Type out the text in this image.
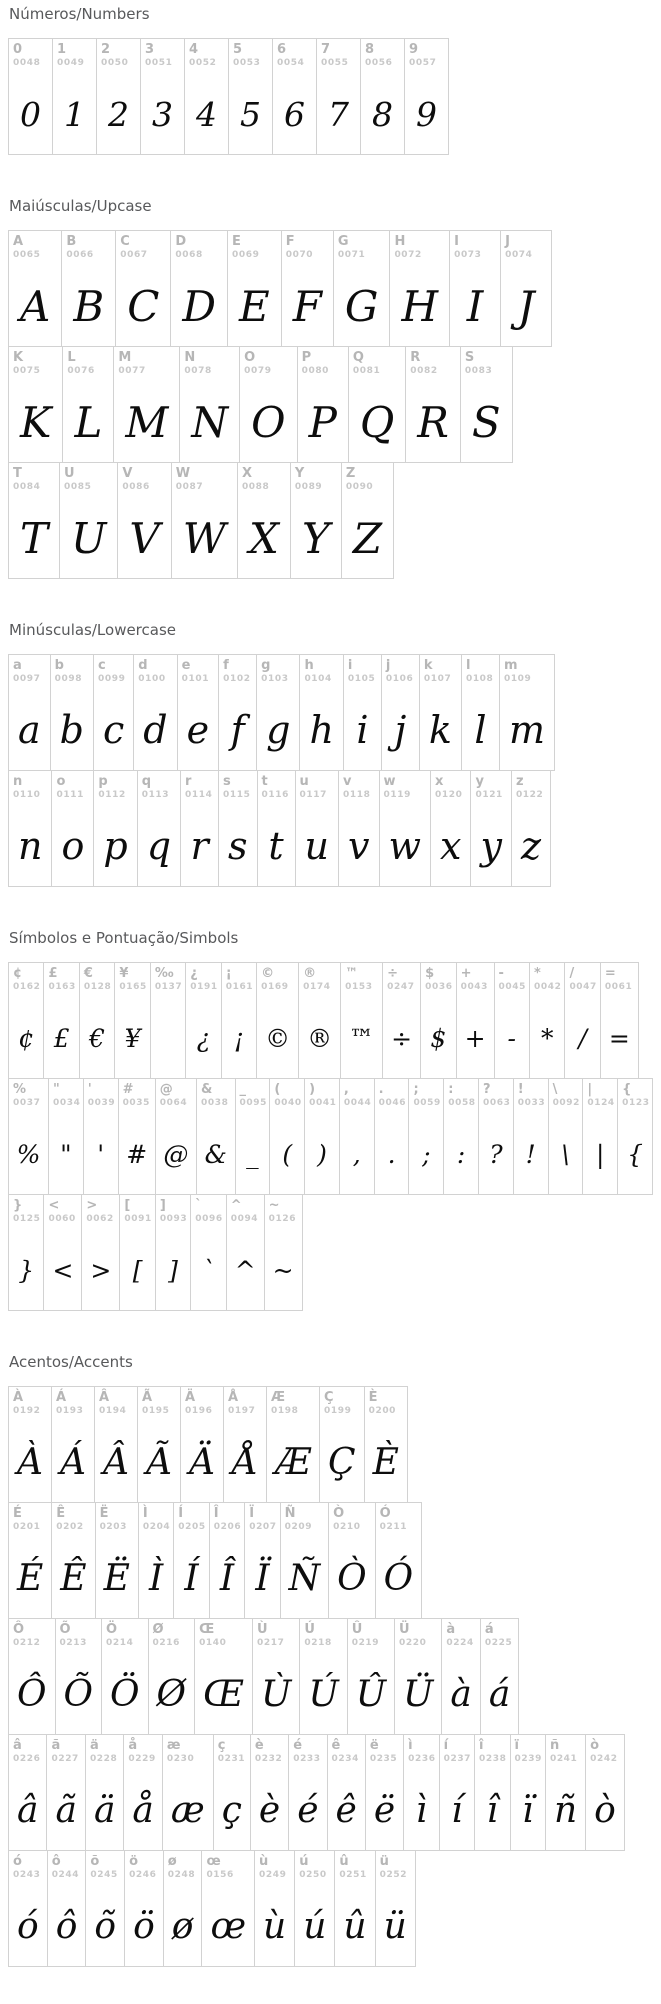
Números/Numbers
0
0048
0
1
0049
1
2
0050
2
3
0051
3
4
0052
4
5
0053
5
6
0054
6
7
0055
7
8
0056
8
9
0057
9
Maiúsculas/Upcase
A
0065
A
B
0066
B
C
0067
C
D
0068
D
E
0069
E
F
0070
F
G
0071
G
H
0072
H
I
0073
I
J
0074
J
K
0075
K
L
0076
L
M
0077
M
N
0078
N
O
0079
O
P
0080
P
Q
0081
Q
R
0082
R
S
0083
S
T
0084
T
U
0085
U
V
0086
V
W
0087
W
X
0088
X
Y
0089
Y
Z
0090
Z
Minúsculas/Lowercase
a
0097
a
b
0098
b
c
0099
c
d
0100
d
e
0101
e
f
0102
f
g
0103
g
h
0104
h
i
0105
i
j
0106
j
k
0107
k
l
0108
l
m
0109
m
n
0110
n
o
0111
o
p
0112
p
q
0113
q
r
0114
r
s
0115
s
t
0116
t
u
0117
u
v
0118
v
w
0119
w
x
0120
x
y
0121
y
z
0122
z
Símbolos e Pontuação/Simbols
¢
0162
¢
£
0163
£
€
0128
€
¥
0165
¥
‰
0137
¿
0191
¿
¡
0161
¡
©
0169
©
®
0174
®
™
0153
™
÷
0247
÷
$
0036
$
+
0043
+
-
0045
-
*
0042
*
/
0047
/
=
0061
=
%
0037
%
"
0034
"
'
0039
'
#
0035
#
@
0064
@
&
0038
&
_
0095
_
(
0040
(
)
0041
)
,
0044
,
.
0046
.
;
0059
;
:
0058
:
?
0063
?
!
0033
!
\
0092
\
|
0124
|
{
0123
{
}
0125
}
<
0060
<
>
0062
>
[
0091
[
]
0093
]
`
0096
`
^
0094
^
~
0126
~
Acentos/Accents
À
0192
À
Á
0193
Á
Â
0194
Â
Ã
0195
Ã
Ä
0196
Ä
Å
0197
Å
Æ
0198
Æ
Ç
0199
Ç
È
0200
È
É
0201
É
Ê
0202
Ê
Ë
0203
Ë
Ì
0204
Ì
Í
0205
Í
Î
0206
Î
Ï
0207
Ï
Ñ
0209
Ñ
Ò
0210
Ò
Ó
0211
Ó
Ô
0212
Ô
Õ
0213
Õ
Ö
0214
Ö
Ø
0216
Ø
Œ
0140
Œ
Ù
0217
Ù
Ú
0218
Ú
Û
0219
Û
Ü
0220
Ü
à
0224
à
á
0225
á
â
0226
â
ã
0227
ã
ä
0228
ä
å
0229
å
æ
0230
æ
ç
0231
ç
è
0232
è
é
0233
é
ê
0234
ê
ë
0235
ë
ì
0236
ì
í
0237
í
î
0238
î
ï
0239
ï
ñ
0241
ñ
ò
0242
ò
ó
0243
ó
ô
0244
ô
õ
0245
õ
ö
0246
ö
ø
0248
ø
œ
0156
œ
ù
0249
ù
ú
0250
ú
û
0251
û
ü
0252
ü
